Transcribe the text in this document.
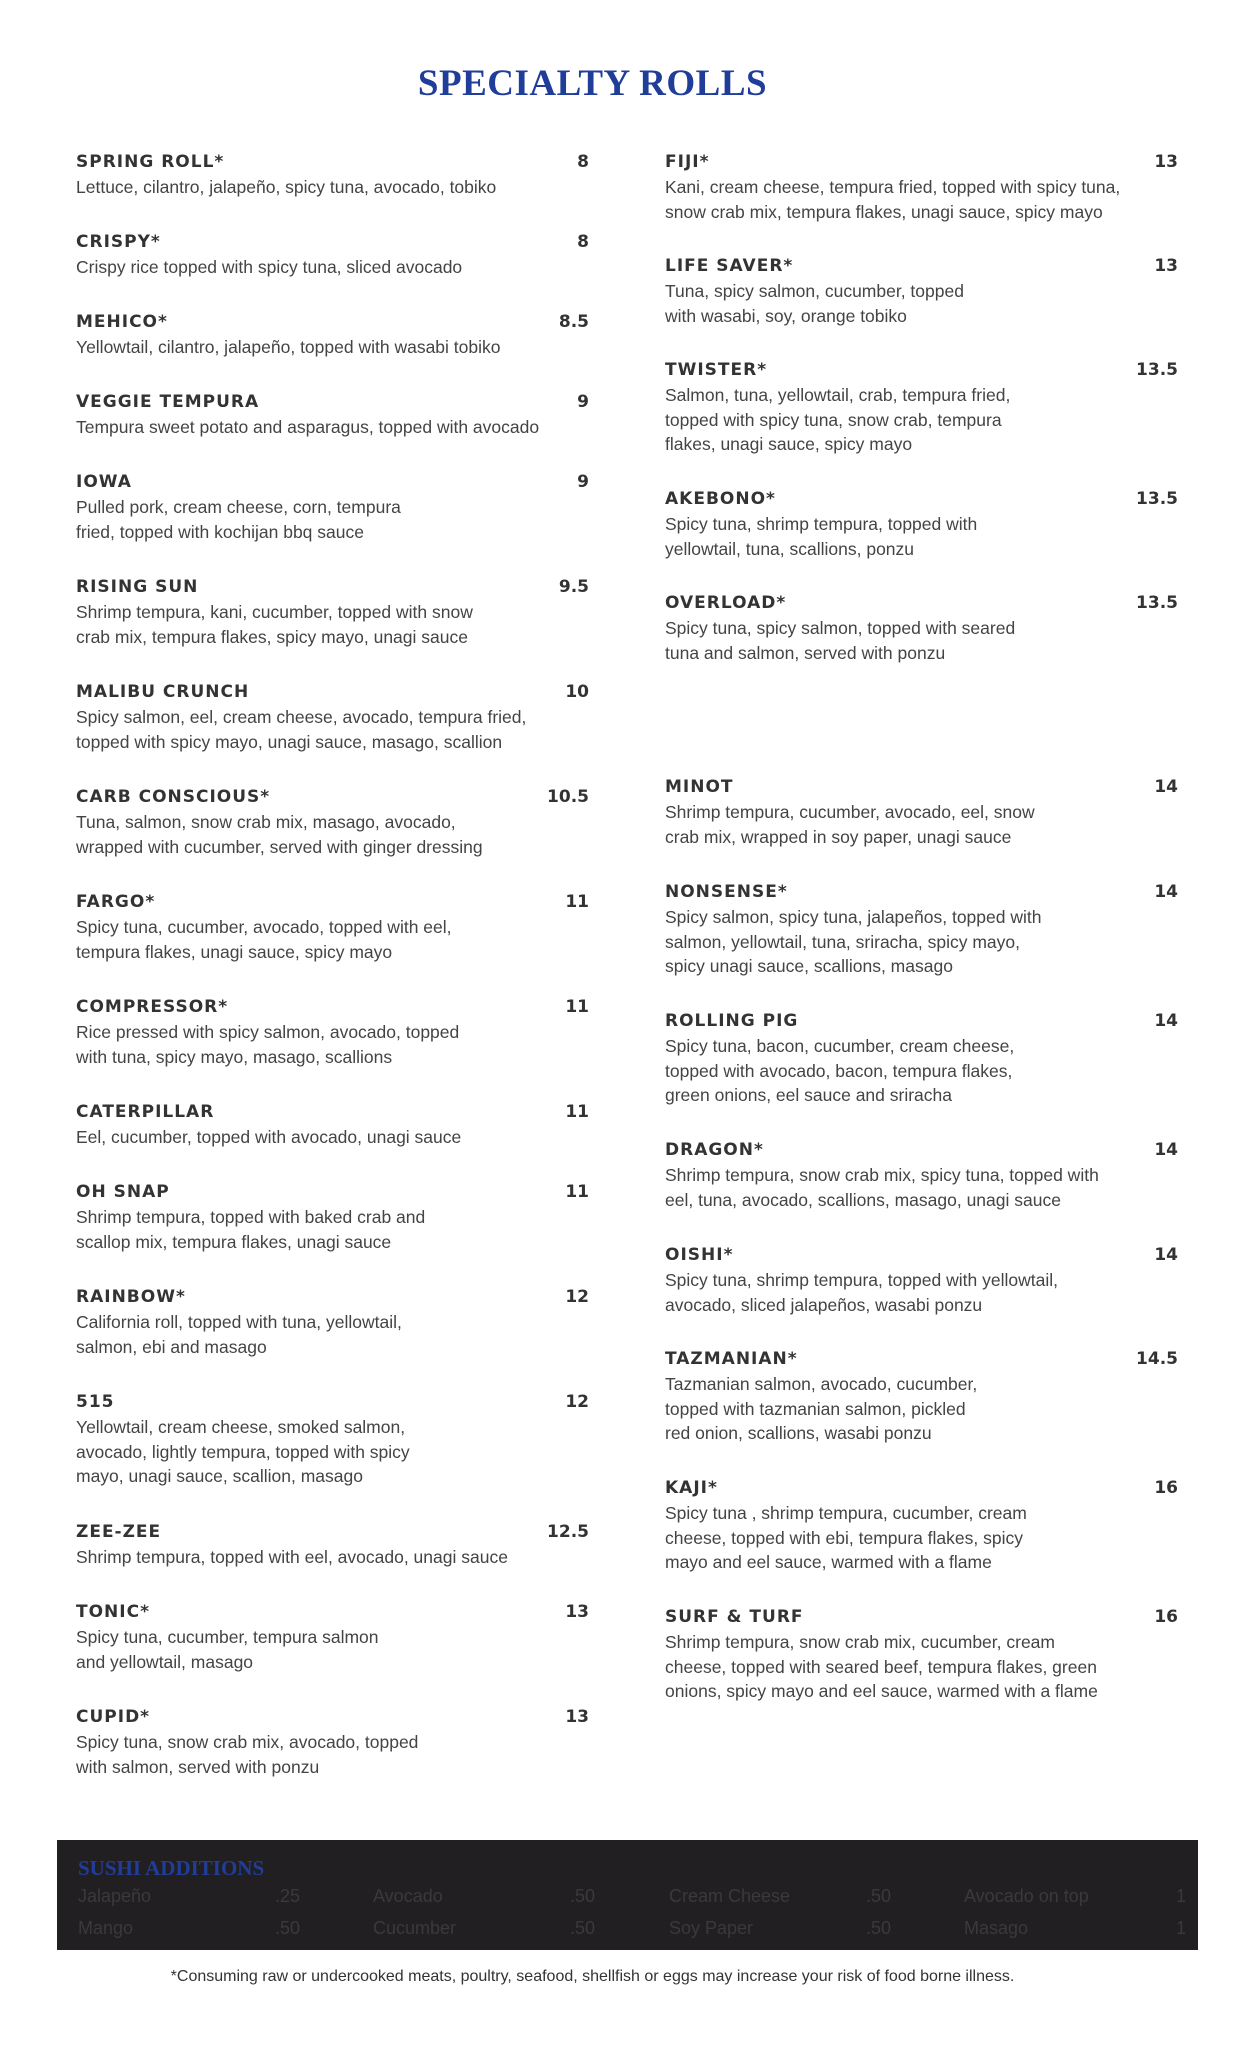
SPECIALTY ROLLS
SPRING ROLL*	8
Lettuce, cilantro, jalapeño, spicy tuna, avocado, tobiko
CRISPY*	8
Crispy rice topped with spicy tuna, sliced avocado
MEHICO*	8.5
Yellowtail, cilantro, jalapeño, topped with wasabi tobiko
VEGGIE TEMPURA	9
Tempura sweet potato and asparagus, topped with avocado
IOWA	9
Pulled pork, cream cheese, corn, tempura
fried, topped with kochijan bbq sauce
RISING SUN	9.5
Shrimp tempura, kani, cucumber, topped with snow
crab mix, tempura flakes, spicy mayo, unagi sauce
MALIBU CRUNCH	10
Spicy salmon, eel, cream cheese, avocado, tempura fried,
topped with spicy mayo, unagi sauce, masago, scallion
CARB CONSCIOUS*	10.5
Tuna, salmon, snow crab mix, masago, avocado,
wrapped with cucumber, served with ginger dressing
FARGO*	11
Spicy tuna, cucumber, avocado, topped with eel,
tempura flakes, unagi sauce, spicy mayo
COMPRESSOR*	11
Rice pressed with spicy salmon, avocado, topped
with tuna, spicy mayo, masago, scallions
CATERPILLAR	11
Eel, cucumber, topped with avocado, unagi sauce
OH SNAP	11
Shrimp tempura, topped with baked crab and
scallop mix, tempura flakes, unagi sauce
RAINBOW*	12
California roll, topped with tuna, yellowtail,
salmon, ebi and masago
515	12
Yellowtail, cream cheese, smoked salmon,
avocado, lightly tempura, topped with spicy
mayo, unagi sauce, scallion, masago
ZEE-ZEE	12.5
Shrimp tempura, topped with eel, avocado, unagi sauce
TONIC*	13
Spicy tuna, cucumber, tempura salmon
and yellowtail, masago
CUPID*	13
Spicy tuna, snow crab mix, avocado, topped
with salmon, served with ponzu
FIJI*	13
Kani, cream cheese, tempura fried, topped with spicy tuna,
snow crab mix, tempura flakes, unagi sauce, spicy mayo
LIFE SAVER*	13
Tuna, spicy salmon, cucumber, topped
with wasabi, soy, orange tobiko
TWISTER*	13.5
Salmon, tuna, yellowtail, crab, tempura fried,
topped with spicy tuna, snow crab, tempura
flakes, unagi sauce, spicy mayo
AKEBONO*	13.5
Spicy tuna, shrimp tempura, topped with
yellowtail, tuna, scallions, ponzu
OVERLOAD*	13.5
Spicy tuna, spicy salmon, topped with seared
tuna and salmon, served with ponzu
MINOT	14
Shrimp tempura, cucumber, avocado, eel, snow
crab mix, wrapped in soy paper, unagi sauce
NONSENSE*	14
Spicy salmon, spicy tuna, jalapeños, topped with
salmon, yellowtail, tuna, sriracha, spicy mayo,
spicy unagi sauce, scallions, masago
ROLLING PIG	14
Spicy tuna, bacon, cucumber, cream cheese,
topped with avocado, bacon, tempura flakes,
green onions, eel sauce and sriracha
DRAGON*	14
Shrimp tempura, snow crab mix, spicy tuna, topped with
eel, tuna, avocado, scallions, masago, unagi sauce
OISHI*	14
Spicy tuna, shrimp tempura, topped with yellowtail,
avocado, sliced jalapeños, wasabi ponzu
TAZMANIAN*	14.5
Tazmanian salmon, avocado, cucumber,
topped with tazmanian salmon, pickled
red onion, scallions, wasabi ponzu
KAJI*	16
Spicy tuna , shrimp tempura, cucumber, cream
cheese, topped with ebi, tempura flakes, spicy
mayo and eel sauce, warmed with a flame
SURF & TURF	16
Shrimp tempura, snow crab mix, cucumber, cream
cheese, topped with seared beef, tempura flakes, green
onions, spicy mayo and eel sauce, warmed with a flame
SUSHI ADDITIONS
Jalapeño	.25	Avocado	.50	Cream Cheese	.50	Avocado on top	1
Mango	.50	Cucumber	.50	Soy Paper	.50	Masago	1
*Consuming raw or undercooked meats, poultry, seafood, shellfish or eggs may increase your risk of food borne illness.
